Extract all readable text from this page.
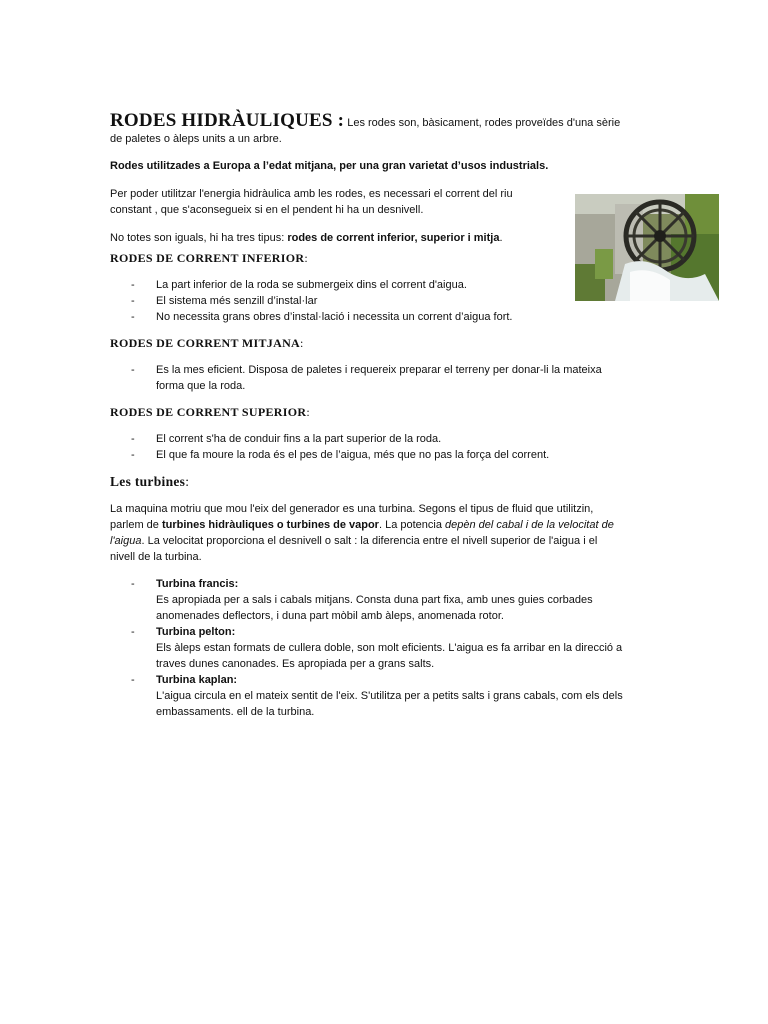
RODES HIDRÀULIQUES : Les rodes son, bàsicament, rodes proveïdes d'una sèrie

de paletes o àleps units a un arbre.

Rodes utilitzades a Europa a l’edat mitjana, per una gran varietat d’usos industrials.

Per poder utilitzar l'energia hidràulica amb les rodes, es necessari el corrent del riu

constant , que s'aconsegueix si en el pendent hi ha un desnivell.

No totes son iguals, hi ha tres tipus: rodes de corrent inferior, superior i mitja.

RODES DE CORRENT INFERIOR:

- La part inferior de la roda se submergeix dins el corrent d'aigua.
- El sistema més senzill d’instal·lar
- No necessita grans obres d’instal·lació i necessita un corrent d’aigua fort.

RODES DE CORRENT MITJANA:

- Es la mes eficient. Disposa de paletes i requereix preparar el terreny per donar-li la mateixa
forma que la roda.

RODES DE CORRENT SUPERIOR:

- El corrent s'ha de conduir fins a la part superior de la roda.
- El que fa moure la roda és el pes de l’aigua, més que no pas la força del corrent.

Les turbines:

La maquina motriu que mou l'eix del generador es una turbina. Segons el tipus de fluid que utilitzin,

parlem de turbines hidràuliques o turbines de vapor. La potencia depèn del cabal i de la velocitat de

l'aigua. La velocitat proporciona el desnivell o salt : la diferencia entre el nivell superior de l'aigua i el

nivell de la turbina.

- Turbina francis:
Es apropiada per a sals i cabals mitjans. Consta duna part fixa, amb unes guies corbades
anomenades deflectors, i duna part mòbil amb àleps, anomenada rotor.
- Turbina pelton:
Els àleps estan formats de cullera doble, son molt eficients. L'aigua es fa arribar en la direcció a
traves dunes canonades. Es apropiada per a grans salts.
- Turbina kaplan:
L'aigua circula en el mateix sentit de l'eix. S'utilitza per a petits salts i grans cabals, com els dels
embassaments. ell de la turbina.
